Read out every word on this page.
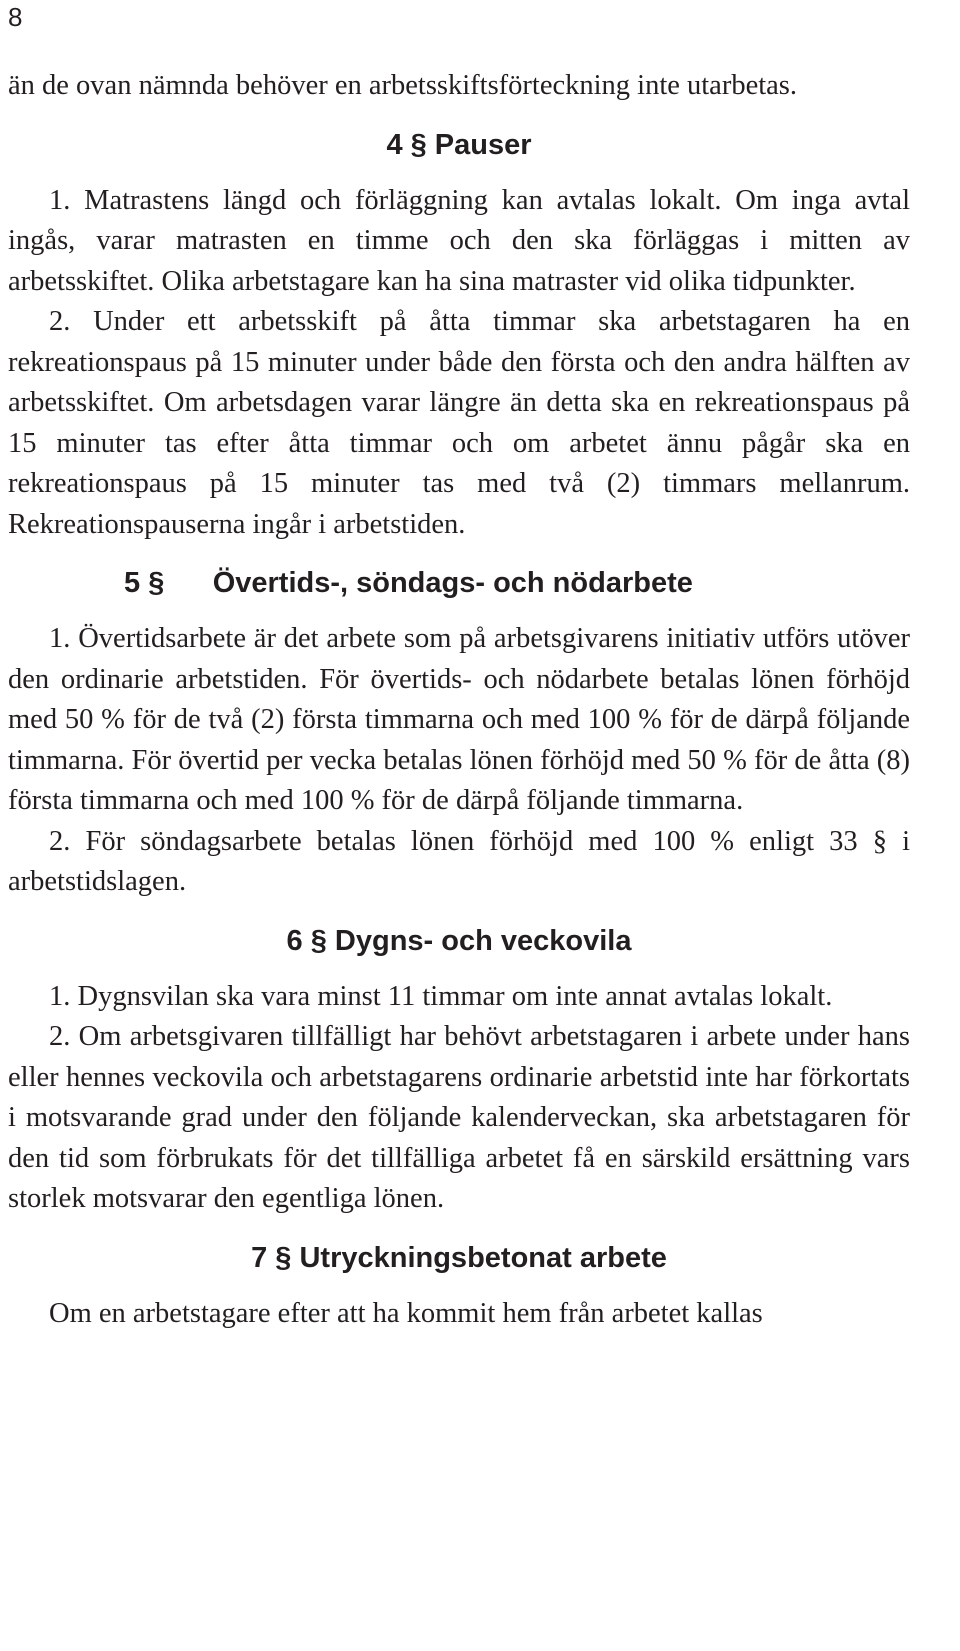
8

än de ovan nämnda behöver en arbetsskiftsförteckning inte utarbetas.

4 § Pauser

1. Matrastens längd och förläggning kan avtalas lokalt. Om inga avtal ingås, varar matrasten en timme och den ska förläggas i mitten av arbetsskiftet. Olika arbetstagare kan ha sina matraster vid olika tidpunkter.

2. Under ett arbetsskift på åtta timmar ska arbetstagaren ha en rekreationspaus på 15 minuter under både den första och den andra hälften av arbetsskiftet. Om arbetsdagen varar längre än detta ska en rekreationspaus på 15 minuter tas efter åtta timmar och om arbetet ännu pågår ska en rekreationspaus på 15 minuter tas med två (2) timmars mellanrum. Rekreationspauserna ingår i arbetstiden.

5 § Övertids-, söndags- och nödarbete

1. Övertidsarbete är det arbete som på arbetsgivarens initiativ utförs utöver den ordinarie arbetstiden. För övertids- och nödarbete betalas lönen förhöjd med 50 % för de två (2) första timmarna och med 100 % för de därpå följande timmarna. För övertid per vecka betalas lönen förhöjd med 50 % för de åtta (8) första timmarna och med 100 % för de därpå följande timmarna.

2. För söndagsarbete betalas lönen förhöjd med 100 % enligt 33 § i arbetstidslagen.

6 § Dygns- och veckovila

1. Dygnsvilan ska vara minst 11 timmar om inte annat avtalas lokalt.

2. Om arbetsgivaren tillfälligt har behövt arbetstagaren i arbete under hans eller hennes veckovila och arbetstagarens ordinarie arbetstid inte har förkortats i motsvarande grad under den följande kalenderveckan, ska arbetstagaren för den tid som förbrukats för det tillfälliga arbetet få en särskild ersättning vars storlek motsvarar den egentliga lönen.

7 § Utryckningsbetonat arbete

Om en arbetstagare efter att ha kommit hem från arbetet kallas
